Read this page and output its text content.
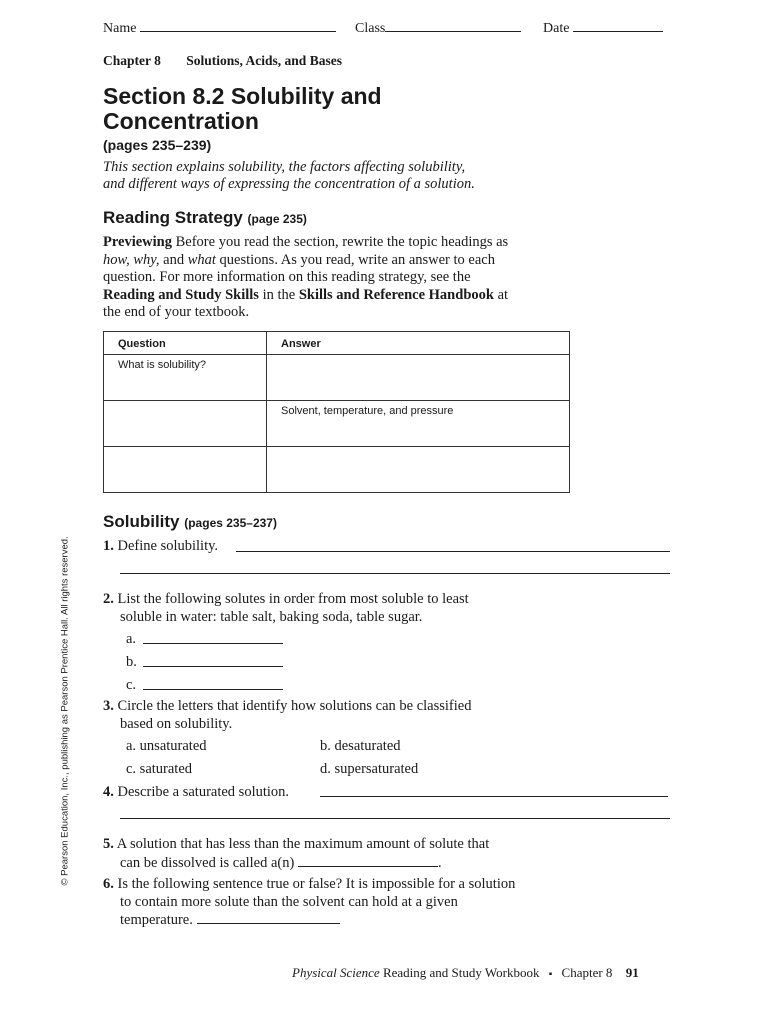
Name	Class	Date
Chapter 8 Solutions, Acids, and Bases
Section 8.2 Solubility and
Concentration
(pages 235–239)
This section explains solubility, the factors affecting solubility,
and different ways of expressing the concentration of a solution.
Reading Strategy (page 235)
Previewing Before you read the section, rewrite the topic headings as
how, why, and what questions. As you read, write an answer to each
question. For more information on this reading strategy, see the
Reading and Study Skills in the Skills and Reference Handbook at
the end of your textbook.
Question	Answer
What is solubility?	
	Solvent, temperature, and pressure

Solubility (pages 235–237)
1. Define solubility.
2. List the following solutes in order from most soluble to least
soluble in water: table salt, baking soda, table sugar.
a.
b.
c.
3. Circle the letters that identify how solutions can be classified
based on solubility.
a. unsaturated	b. desaturated
c. saturated	d. supersaturated
4. Describe a saturated solution.
5. A solution that has less than the maximum amount of solute that
can be dissolved is called a(n)	.
6. Is the following sentence true or false? It is impossible for a solution
to contain more solute than the solvent can hold at a given
temperature.
© Pearson Education, Inc., publishing as Pearson Prentice Hall. All rights reserved.
Physical Science Reading and Study Workbook ▪ Chapter 8 91
